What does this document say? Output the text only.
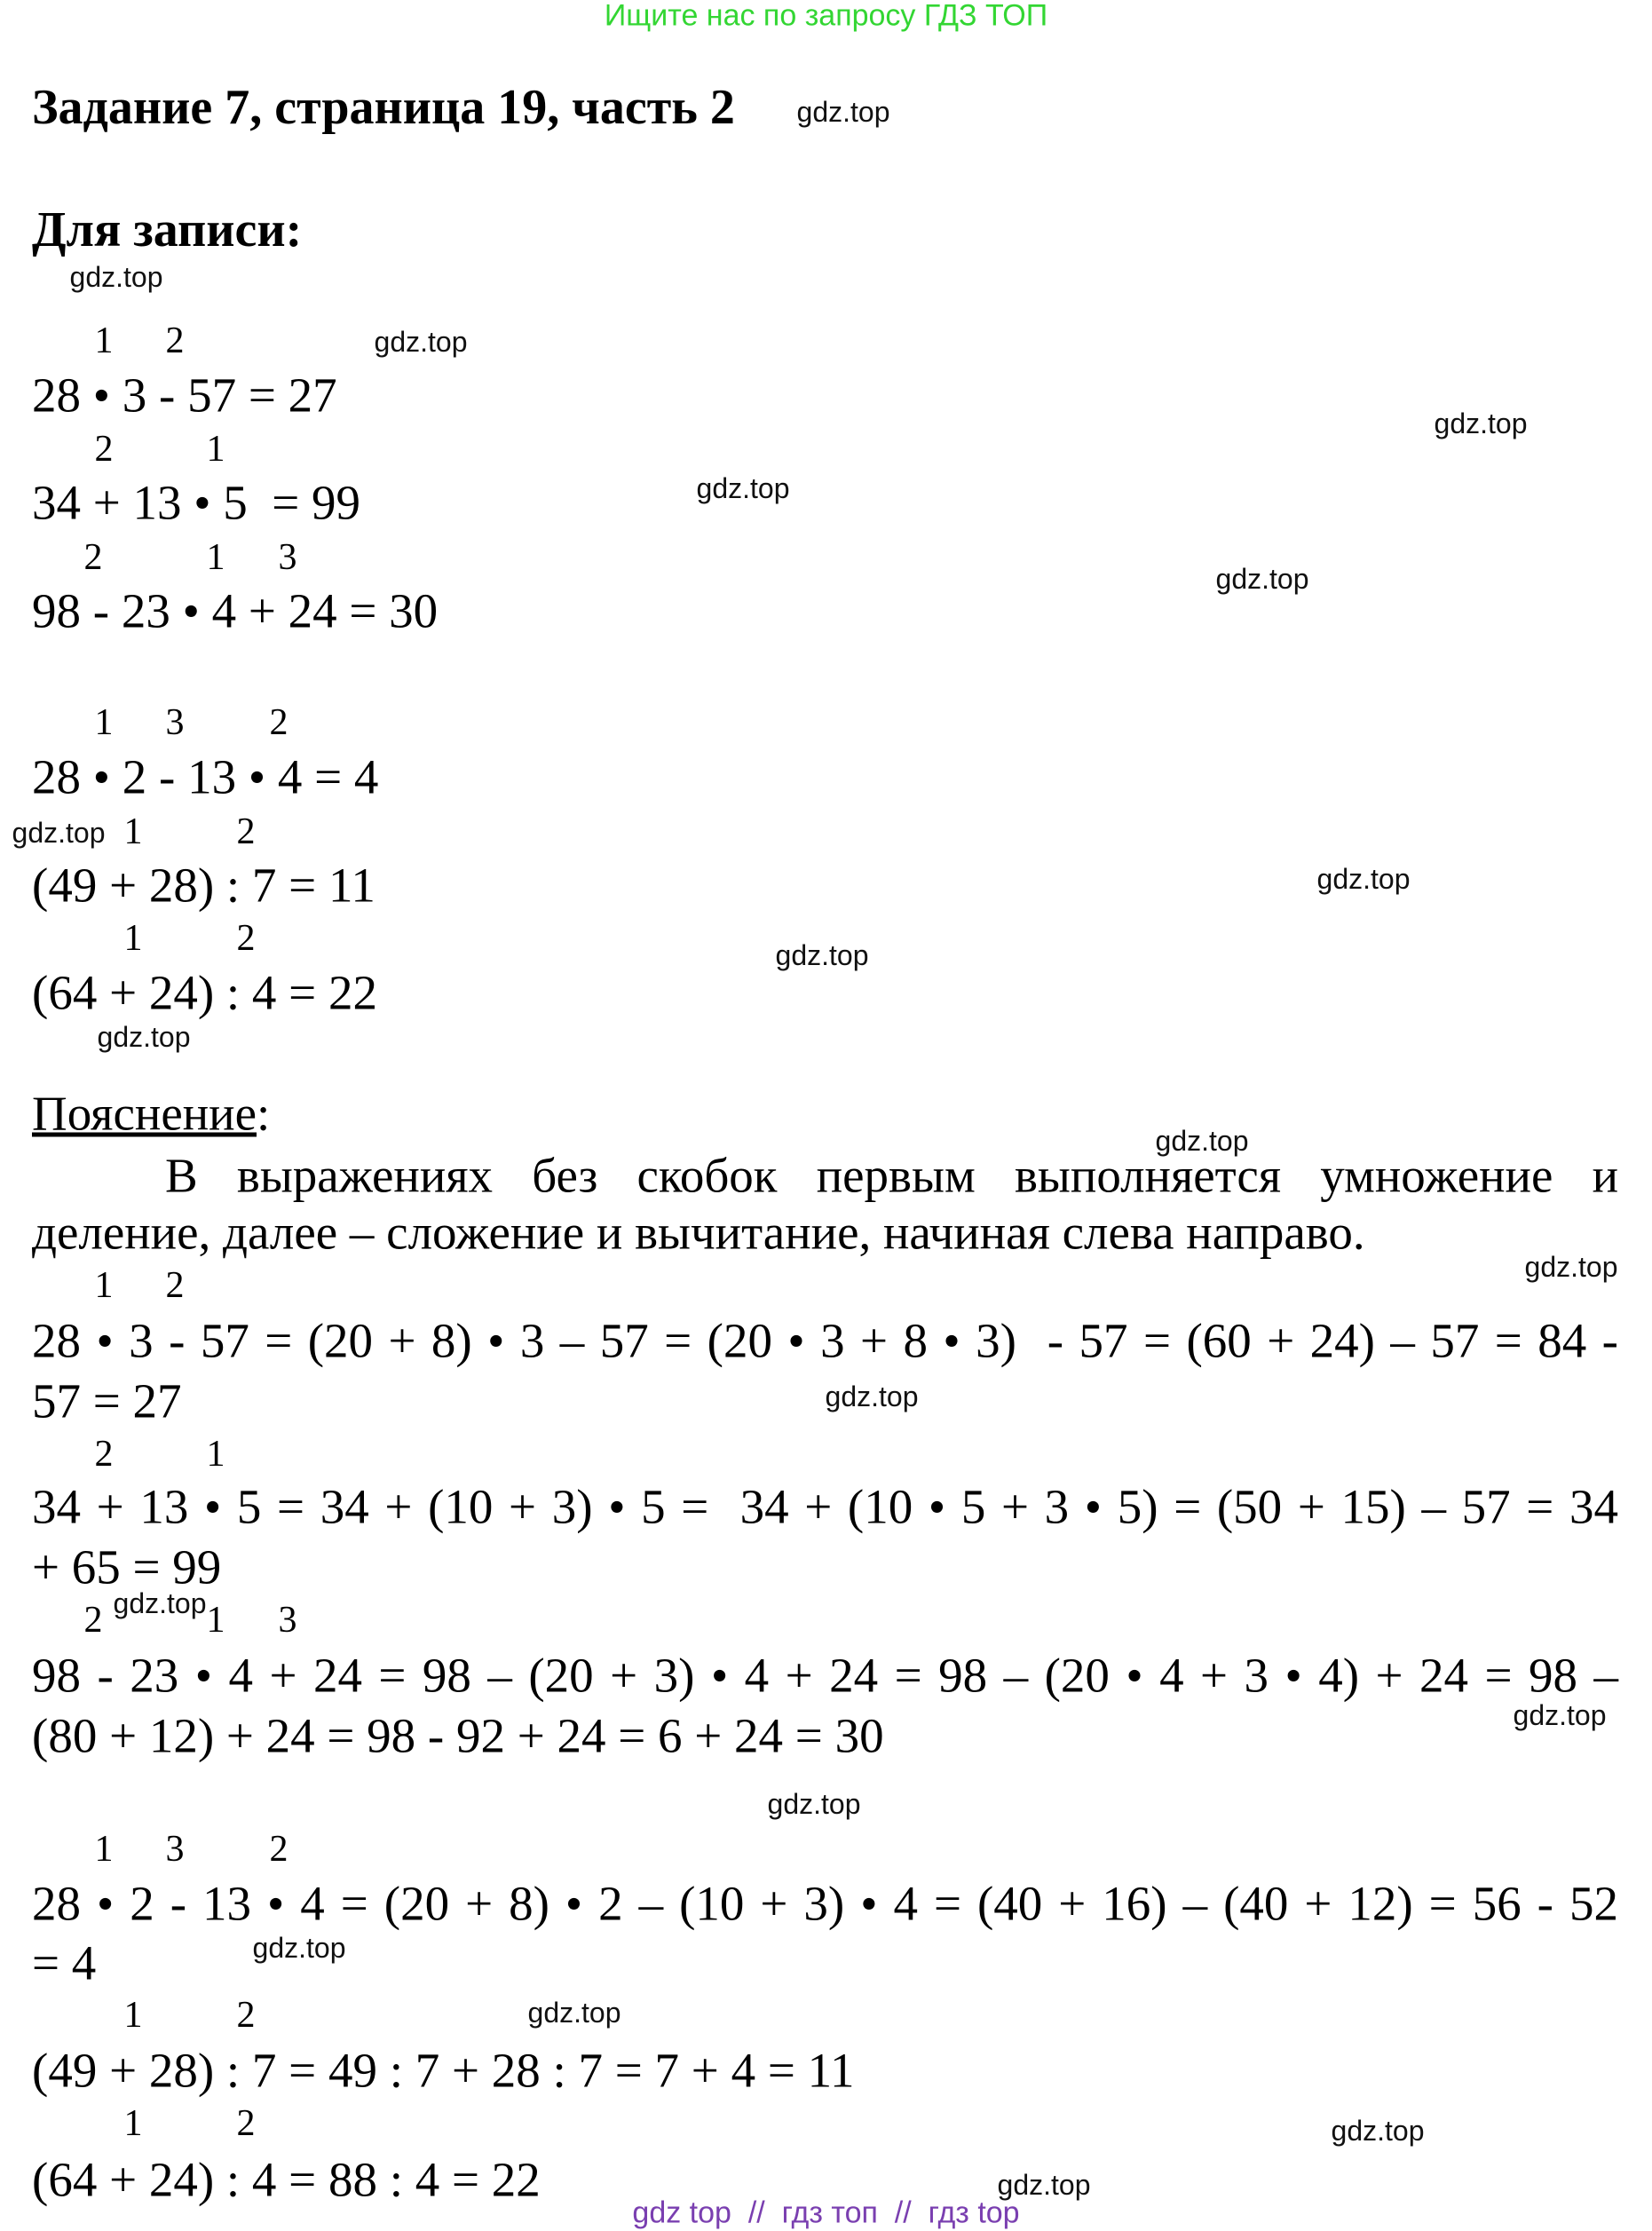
Ищите нас по запросу ГДЗ ТОП
Задание 7, страница 19, часть 2
Для записи:
1 2
28 • 3 - 57 = 27
2	1
34 + 13 • 5  = 99
2	1 3
98 - 23 • 4 + 24 = 30
1 3 2
28 • 2 - 13 • 4 = 4
1	2
(49 + 28) : 7 = 11
1	2
(64 + 24) : 4 = 22
Пояснение:
В выражениях без скобок первым выполняется умножение и
деление, далее – сложение и вычитание, начиная слева направо.
1 2
28 • 3 - 57 = (20 + 8) • 3 – 57 = (20 • 3 + 8 • 3)  - 57 = (60 + 24) – 57 = 84 -
57 = 27
2	1
34 + 13 • 5 = 34 + (10 + 3) • 5 =  34 + (10 • 5 + 3 • 5) = (50 + 15) – 57 = 34
+ 65 = 99
2	1 3
98 - 23 • 4 + 24 = 98 – (20 + 3) • 4 + 24 = 98 – (20 • 4 + 3 • 4) + 24 = 98 –
(80 + 12) + 24 = 98 - 92 + 24 = 6 + 24 = 30
1 3 2
28 • 2 - 13 • 4 = (20 + 8) • 2 – (10 + 3) • 4 = (40 + 16) – (40 + 12) = 56 - 52
= 4
1	2
(49 + 28) : 7 = 49 : 7 + 28 : 7 = 7 + 4 = 11
1	2
(64 + 24) : 4 = 88 : 4 = 22
gdz.top
gdz.top
gdz.top
gdz.top
gdz.top
gdz.top
gdz.top
gdz.top
gdz.top
gdz.top
gdz.top
gdz.top
gdz.top
gdz.top
gdz.top
gdz.top
gdz.top
gdz.top
gdz.top
gdz.top
gdz top  //  гдз топ  //  гдз top
